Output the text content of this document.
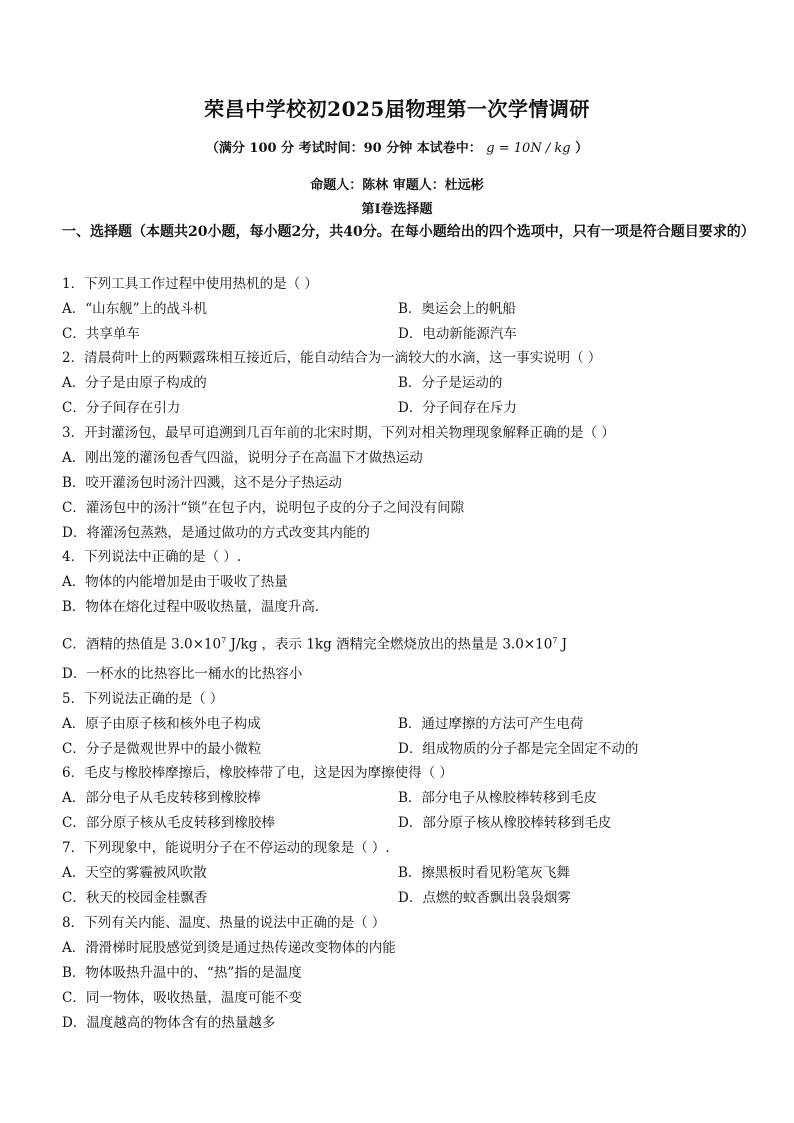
荣昌中学校初2025届物理第一次学情调研
（满分 100 分 考试时间：90 分钟 本试卷中： g = 10N / kg ）
命题人：陈林 审题人：杜远彬
第Ⅰ卷选择题
一、选择题（本题共20小题，每小题2分，共40分。在每小题给出的四个选项中，只有一项是符合题目要求的）
1．下列工具工作过程中使用热机的是（ ）
A．“山东舰”上的战斗机	B．奥运会上的帆船
C．共享单车	D．电动新能源汽车
2．清晨荷叶上的两颗露珠相互接近后，能自动结合为一滴较大的水滴，这一事实说明（ ）
A．分子是由原子构成的	B．分子是运动的
C．分子间存在引力	D．分子间存在斥力
3．开封灌汤包，最早可追溯到几百年前的北宋时期，下列对相关物理现象解释正确的是（ ）
A．刚出笼的灌汤包香气四溢，说明分子在高温下才做热运动
B．咬开灌汤包时汤汁四溅，这不是分子热运动
C．灌汤包中的汤汁“锁”在包子内，说明包子皮的分子之间没有间隙
D．将灌汤包蒸熟，是通过做功的方式改变其内能的
4．下列说法中正确的是（ ）.
A．物体的内能增加是由于吸收了热量
B．物体在熔化过程中吸收热量，温度升高．
C．酒精的热值是 $3.0\times 10^7$ J/kg ，表示 1kg 酒精完全燃烧放出的热量是 $3.0\times 10^7$ J
D．一杯水的比热容比一桶水的比热容小
5．下列说法正确的是（ ）
A．原子由原子核和核外电子构成	B．通过摩擦的方法可产生电荷
C．分子是微观世界中的最小微粒	D．组成物质的分子都是完全固定不动的
6．毛皮与橡胶棒摩擦后，橡胶棒带了电，这是因为摩擦使得（ ）
A．部分电子从毛皮转移到橡胶棒	B．部分电子从橡胶棒转移到毛皮
C．部分原子核从毛皮转移到橡胶棒	D．部分原子核从橡胶棒转移到毛皮
7．下列现象中，能说明分子在不停运动的现象是（ ）.
A．天空的雾霾被风吹散	B．擦黑板时看见粉笔灰飞舞
C．秋天的校园金桂飘香	D．点燃的蚊香飘出袅袅烟雾
8．下列有关内能、温度、热量的说法中正确的是（ ）
A．滑滑梯时屁股感觉到烫是通过热传递改变物体的内能
B．物体吸热升温中的、“热”指的是温度
C．同一物体，吸收热量，温度可能不变
D．温度越高的物体含有的热量越多
